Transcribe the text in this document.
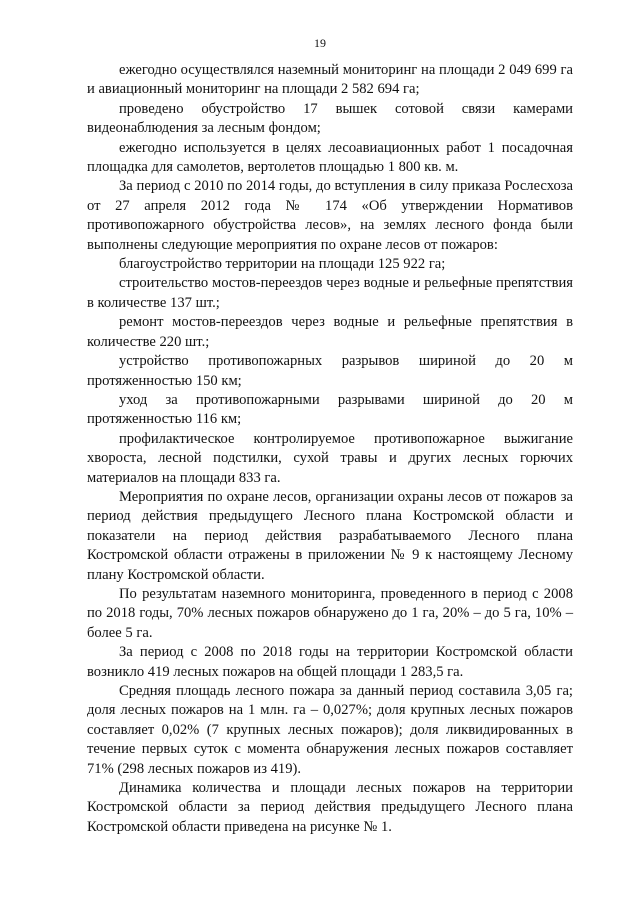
19

ежегодно осуществлялся наземный мониторинг на площади 2 049 699 га и авиационный мониторинг на площади 2 582 694 га;

проведено обустройство 17 вышек сотовой связи камерами видеонаблюдения за лесным фондом;

ежегодно используется в целях лесоавиационных работ 1 посадочная площадка для самолетов, вертолетов площадью 1 800 кв. м.

За период с 2010 по 2014 годы, до вступления в силу приказа Рослесхоза от 27 апреля 2012 года № 174 «Об утверждении Нормативов противопожарного обустройства лесов», на землях лесного фонда были выполнены следующие мероприятия по охране лесов от пожаров:

благоустройство территории на площади 125 922 га;

строительство мостов-переездов через водные и рельефные препятствия в количестве 137 шт.;

ремонт мостов-переездов через водные и рельефные препятствия в количестве 220 шт.;

устройство противопожарных разрывов шириной до 20 м протяженностью 150 км;

уход за противопожарными разрывами шириной до 20 м протяженностью 116 км;

профилактическое контролируемое противопожарное выжигание хвороста, лесной подстилки, сухой травы и других лесных горючих материалов на площади 833 га.

Мероприятия по охране лесов, организации охраны лесов от пожаров за период действия предыдущего Лесного плана Костромской области и показатели на период действия разрабатываемого Лесного плана Костромской области отражены в приложении № 9 к настоящему Лесному плану Костромской области.

По результатам наземного мониторинга, проведенного в период с 2008 по 2018 годы, 70% лесных пожаров обнаружено до 1 га, 20% – до 5 га, 10% – более 5 га.

За период с 2008 по 2018 годы на территории Костромской области возникло 419 лесных пожаров на общей площади 1 283,5 га.

Средняя площадь лесного пожара за данный период составила 3,05 га; доля лесных пожаров на 1 млн. га – 0,027%; доля крупных лесных пожаров составляет 0,02% (7 крупных лесных пожаров); доля ликвидированных в течение первых суток с момента обнаружения лесных пожаров составляет 71% (298 лесных пожаров из 419).

Динамика количества и площади лесных пожаров на территории Костромской области за период действия предыдущего Лесного плана Костромской области приведена на рисунке № 1.
